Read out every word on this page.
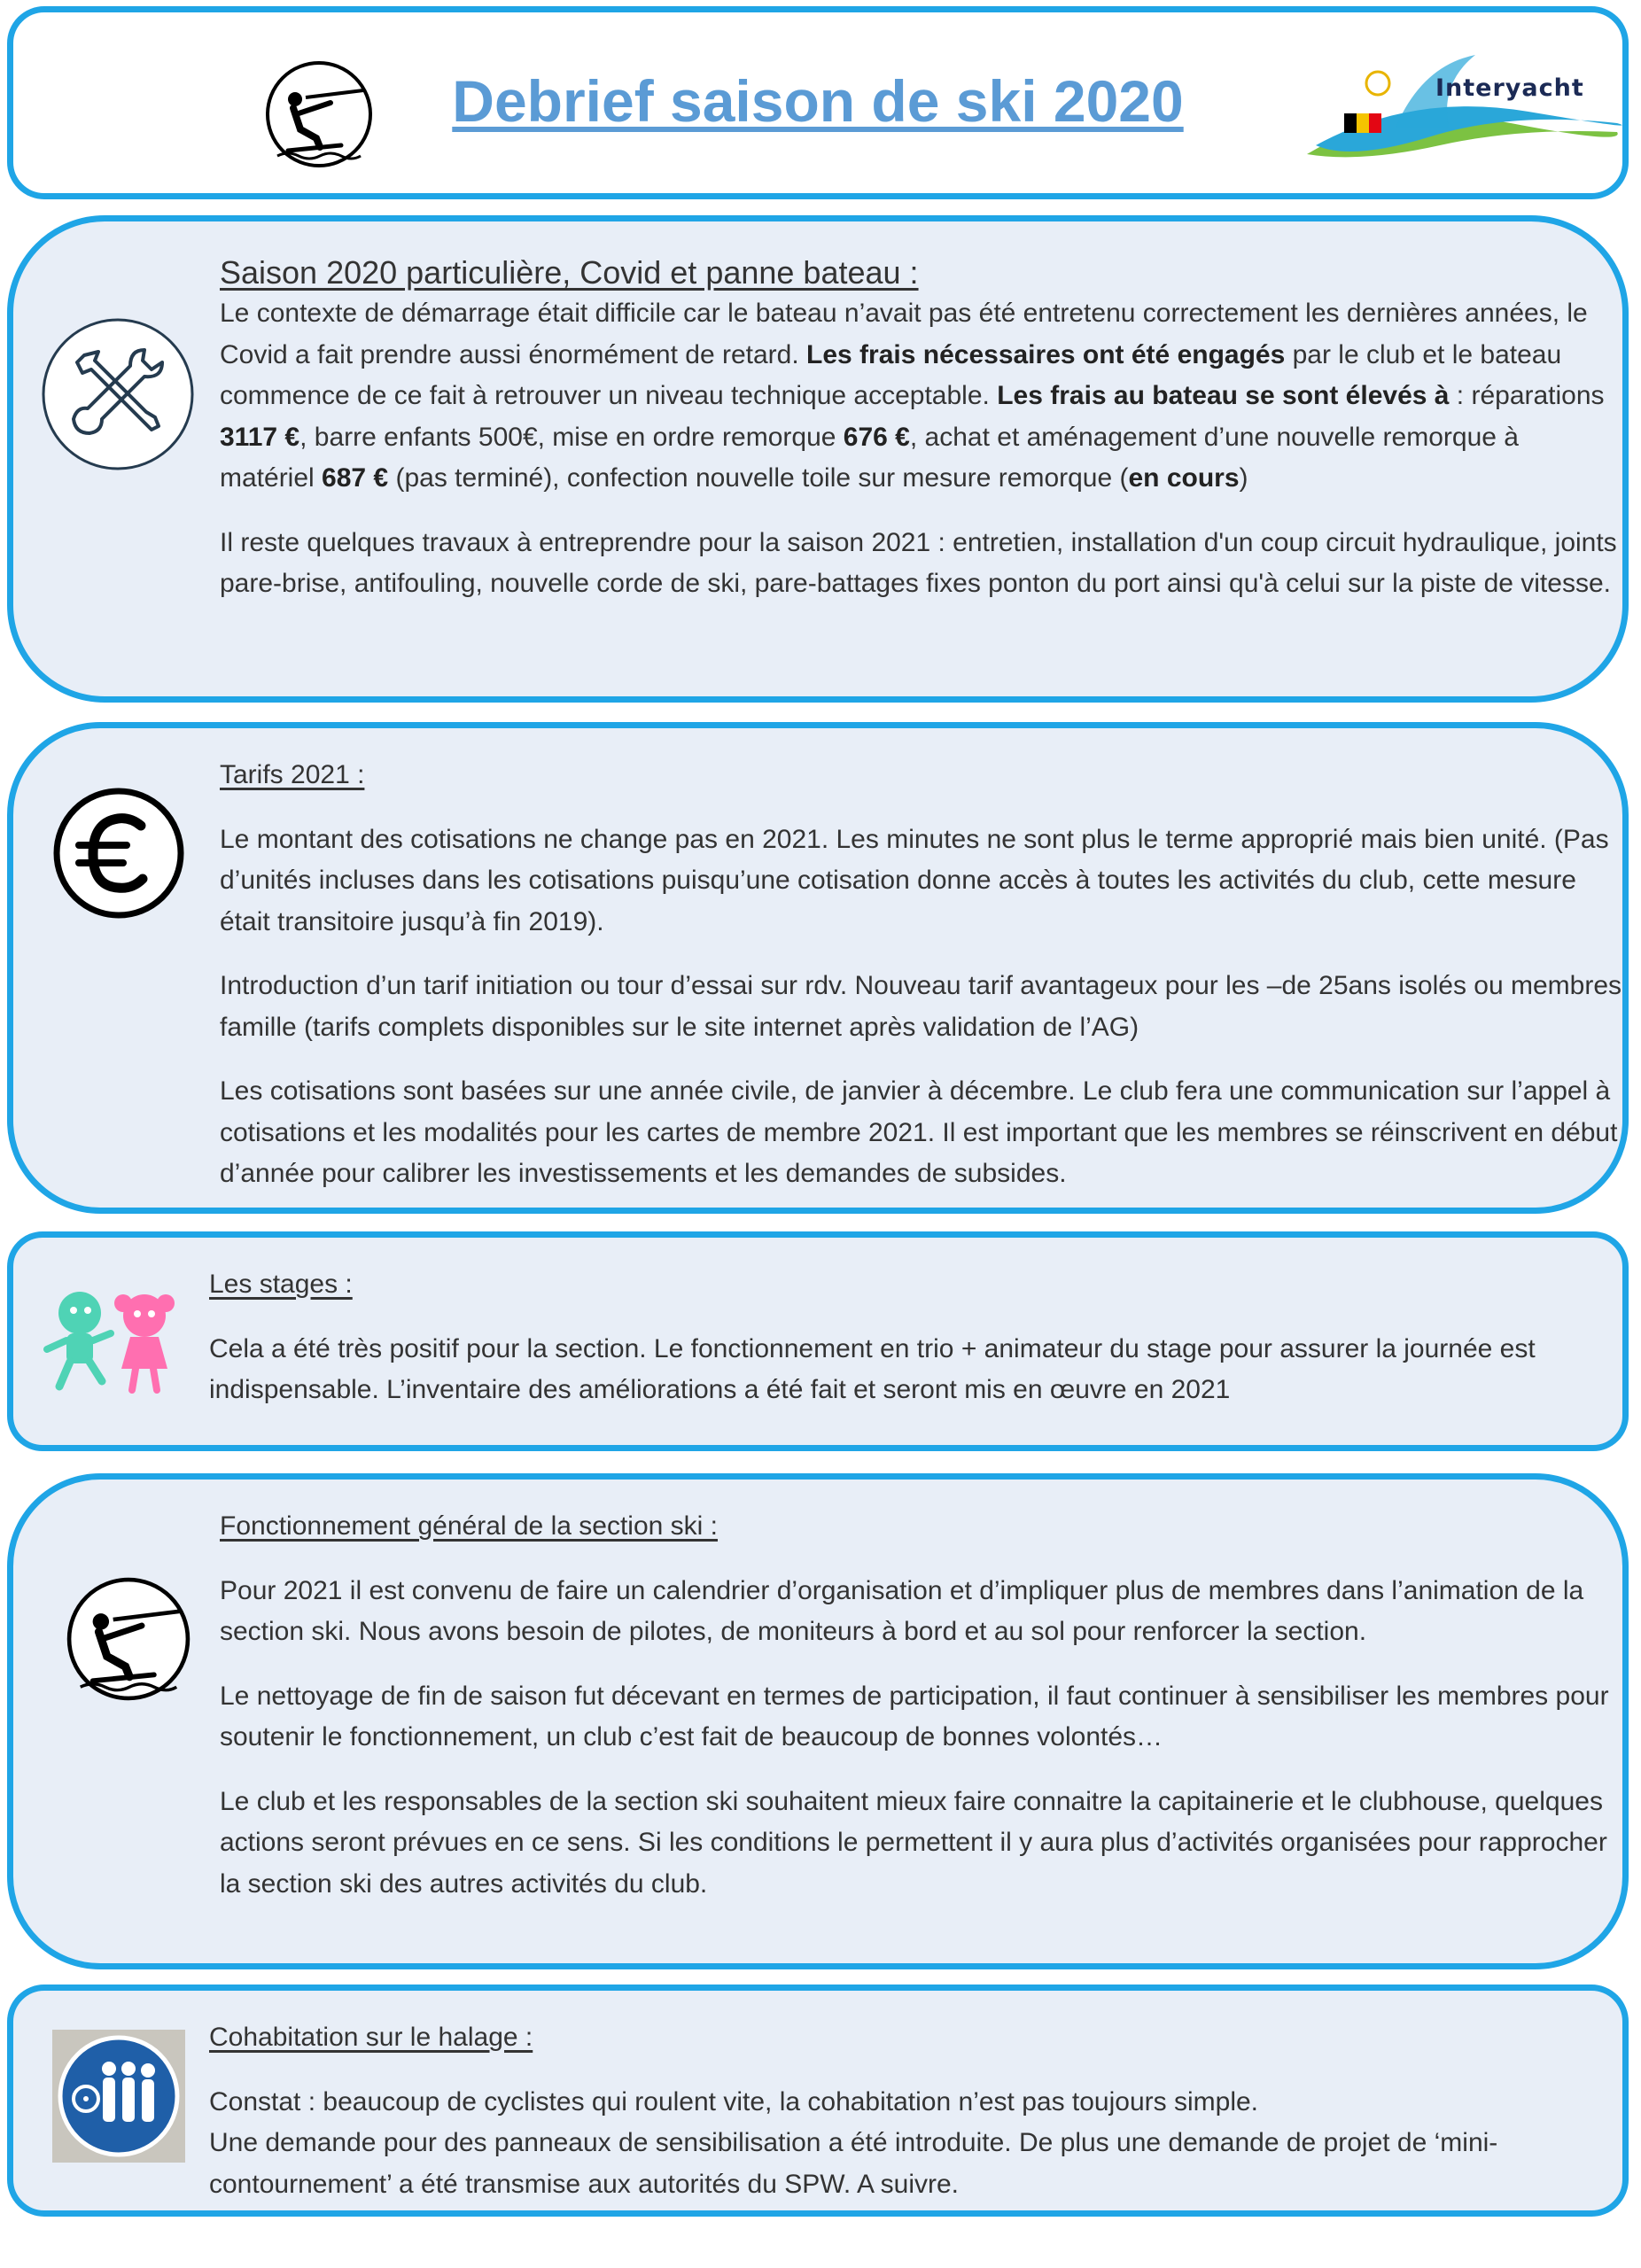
Debrief saison de ski 2020	Interyacht
Saison 2020 particulière, Covid et panne bateau :

Le contexte de démarrage était difficile car le bateau n’avait pas été entretenu correctement les dernières années, le Covid a fait prendre aussi énormément de retard. Les frais nécessaires ont été engagés par le club et le bateau commence de ce fait à retrouver un niveau technique acceptable. Les frais au bateau se sont élevés à : réparations 3117 €, barre enfants 500€, mise en ordre remorque 676 €, achat et aménagement d’une nouvelle remorque à matériel 687 € (pas terminé), confection nouvelle toile sur mesure remorque (en cours)

Il reste quelques travaux à entreprendre pour la saison 2021 : entretien, installation d'un coup circuit hydraulique, joints pare-brise, antifouling, nouvelle corde de ski, pare-battages fixes ponton du port ainsi qu'à celui sur la piste de vitesse.

Tarifs 2021 :

Le montant des cotisations ne change pas en 2021. Les minutes ne sont plus le terme approprié mais bien unité. (Pas d’unités incluses dans les cotisations puisqu’une cotisation donne accès à toutes les activités du club, cette mesure était transitoire jusqu’à fin 2019).

Introduction d’un tarif initiation ou tour d’essai sur rdv. Nouveau tarif avantageux pour les –de 25ans isolés ou membres famille (tarifs complets disponibles sur le site internet après validation de l’AG)

Les cotisations sont basées sur une année civile, de janvier à décembre. Le club fera une communication sur l’appel à cotisations et les modalités pour les cartes de membre 2021. Il est important que les membres se réinscrivent en début d’année pour calibrer les investissements et les demandes de subsides.

Les stages :

Cela a été très positif pour la section. Le fonctionnement en trio + animateur du stage pour assurer la journée est indispensable. L’inventaire des améliorations a été fait et seront mis en œuvre en 2021

Fonctionnement général de la section ski :

Pour 2021 il est convenu de faire un calendrier d’organisation et d’impliquer plus de membres dans l’animation de la section ski. Nous avons besoin de pilotes, de moniteurs à bord et au sol pour renforcer la section.

Le nettoyage de fin de saison fut décevant en termes de participation, il faut continuer à sensibiliser les membres pour soutenir le fonctionnement, un club c’est fait de beaucoup de bonnes volontés…

Le club et les responsables de la section ski souhaitent mieux faire connaitre la capitainerie et le clubhouse, quelques actions seront prévues en ce sens. Si les conditions le permettent il y aura plus d’activités organisées pour rapprocher la section ski des autres activités du club.

Cohabitation sur le halage :

Constat : beaucoup de cyclistes qui roulent vite, la cohabitation n’est pas toujours simple.

Une demande pour des panneaux de sensibilisation a été introduite. De plus une demande de projet de ‘mini-contournement’ a été transmise aux autorités du SPW. A suivre.
